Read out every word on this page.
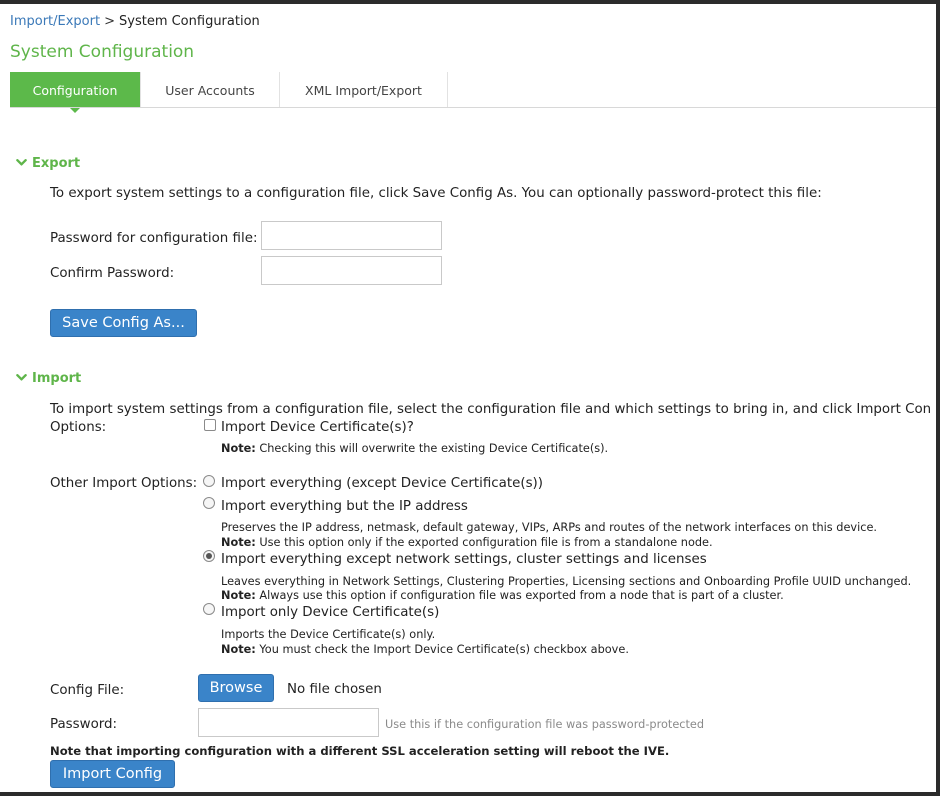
Import/Export > System Configuration
System Configuration
Configuration	User Accounts	XML Import/Export
Export
To export system settings to a configuration file, click Save Config As. You can optionally password-protect this file:
Password for configuration file:
Confirm Password:
Save Config As...
Import
To import system settings from a configuration file, select the configuration file and which settings to bring in, and click Import Con
Options:	Import Device Certificate(s)?
Note: Checking this will overwrite the existing Device Certificate(s).
Other Import Options: Import everything (except Device Certificate(s))
Import everything but the IP address
Preserves the IP address, netmask, default gateway, VIPs, ARPs and routes of the network interfaces on this device.
Note: Use this option only if the exported configuration file is from a standalone node.
Import everything except network settings, cluster settings and licenses
Leaves everything in Network Settings, Clustering Properties, Licensing sections and Onboarding Profile UUID unchanged.
Note: Always use this option if configuration file was exported from a node that is part of a cluster.
Import only Device Certificate(s)
Imports the Device Certificate(s) only.
Note: You must check the Import Device Certificate(s) checkbox above.
Config File:	Browse	No file chosen
Password:	Use this if the configuration file was password-protected
Note that importing configuration with a different SSL acceleration setting will reboot the IVE.
Import Config
